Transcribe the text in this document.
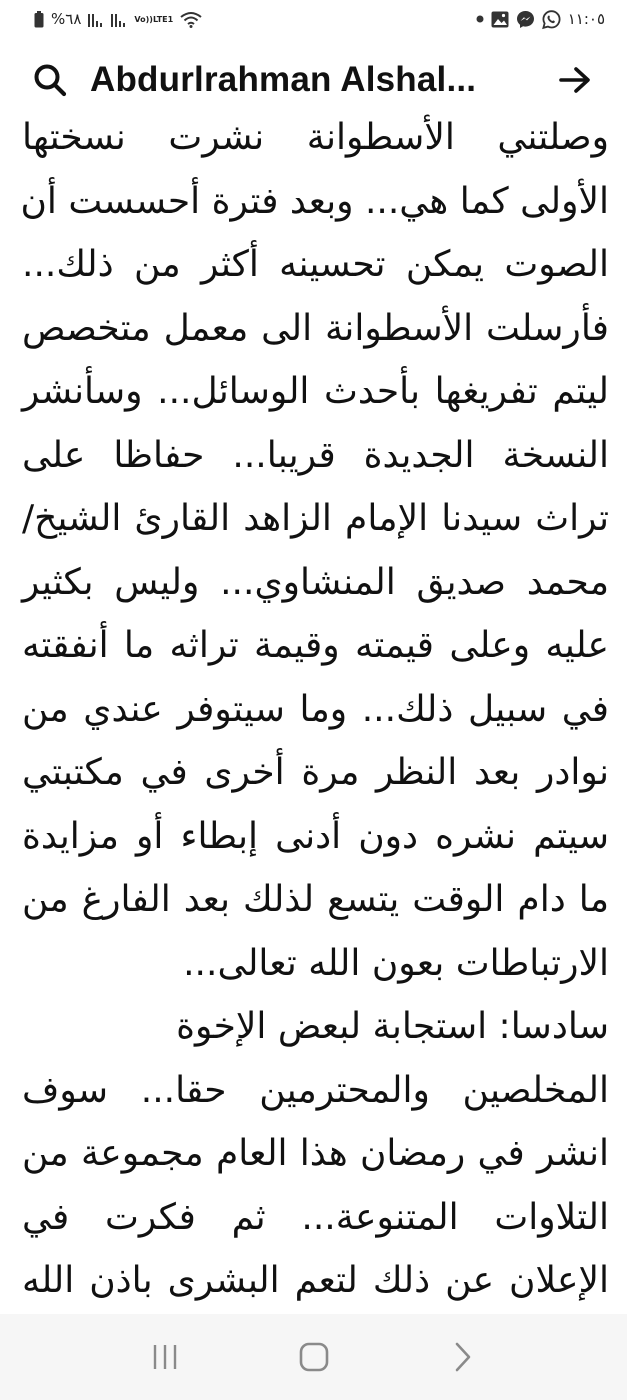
%٦٨	Vo)) LTE1	١١:٠٥
Abdurlrahman Alshal...
وصلتني الأسطوانة نشرت نسختها
الأولى كما هي... وبعد فترة أحسست أن
الصوت يمكن تحسينه أكثر من ذلك...
فأرسلت الأسطوانة الى معمل متخصص
ليتم تفريغها بأحدث الوسائل... وسأنشر
النسخة الجديدة قريبا... حفاظا على
تراث سيدنا الإمام الزاهد القارئ الشيخ/
محمد صديق المنشاوي... وليس بكثير
عليه وعلى قيمته وقيمة تراثه ما أنفقته
في سبيل ذلك... وما سيتوفر عندي من
نوادر بعد النظر مرة أخرى في مكتبتي
سيتم نشره دون أدنى إبطاء أو مزايدة
ما دام الوقت يتسع لذلك بعد الفارغ من
الارتباطات بعون الله تعالى...
سادسا: استجابة لبعض الإخوة
المخلصين والمحترمين حقا... سوف
انشر في رمضان هذا العام مجموعة من
التلاوات المتنوعة... ثم فكرت في
الإعلان عن ذلك لتعم البشرى باذن الله
